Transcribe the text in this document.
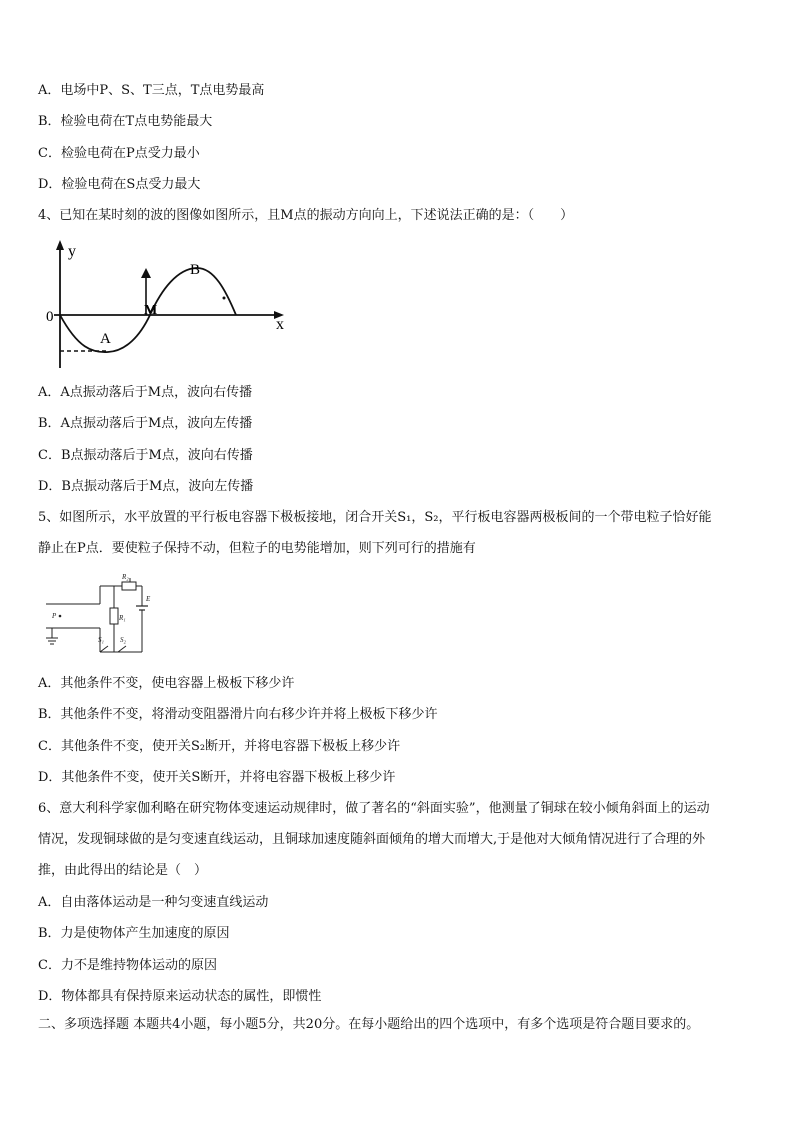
A．电场中P、S、T三点，T点电势最高
B．检验电荷在T点电势能最大
C．检验电荷在P点受力最小
D．检验电荷在S点受力最大
4、已知在某时刻的波的图像如图所示，且M点的振动方向向上，下述说法正确的是：（　　）
y
x
0
A
B
M
A．A点振动落后于M点，波向右传播
B．A点振动落后于M点，波向左传播
C．B点振动落后于M点，波向右传播
D．B点振动落后于M点，波向左传播
5、如图所示，水平放置的平行板电容器下极板接地，闭合开关S₁，S₂，平行板电容器两极板间的一个带电粒子恰好能
静止在P点．要使粒子保持不动，但粒子的电势能增加，则下列可行的措施有
P
R₂
R₁
E
S₁ S₂
A．其他条件不变，使电容器上极板下移少许
B．其他条件不变，将滑动变阻器滑片向右移少许并将上极板下移少许
C．其他条件不变，使开关S₂断开，并将电容器下极板上移少许
D．其他条件不变，使开关S断开，并将电容器下极板上移少许
6、意大利科学家伽利略在研究物体变速运动规律时，做了著名的“斜面实验”，他测量了铜球在较小倾角斜面上的运动
情况，发现铜球做的是匀变速直线运动，且铜球加速度随斜面倾角的增大而增大,于是他对大倾角情况进行了合理的外
推，由此得出的结论是（　）
A．自由落体运动是一种匀变速直线运动
B．力是使物体产生加速度的原因
C．力不是维持物体运动的原因
D．物体都具有保持原来运动状态的属性，即惯性
二、多项选择题 本题共4小题，每小题5分，共20分。在每小题给出的四个选项中，有多个选项是符合题目要求的。
